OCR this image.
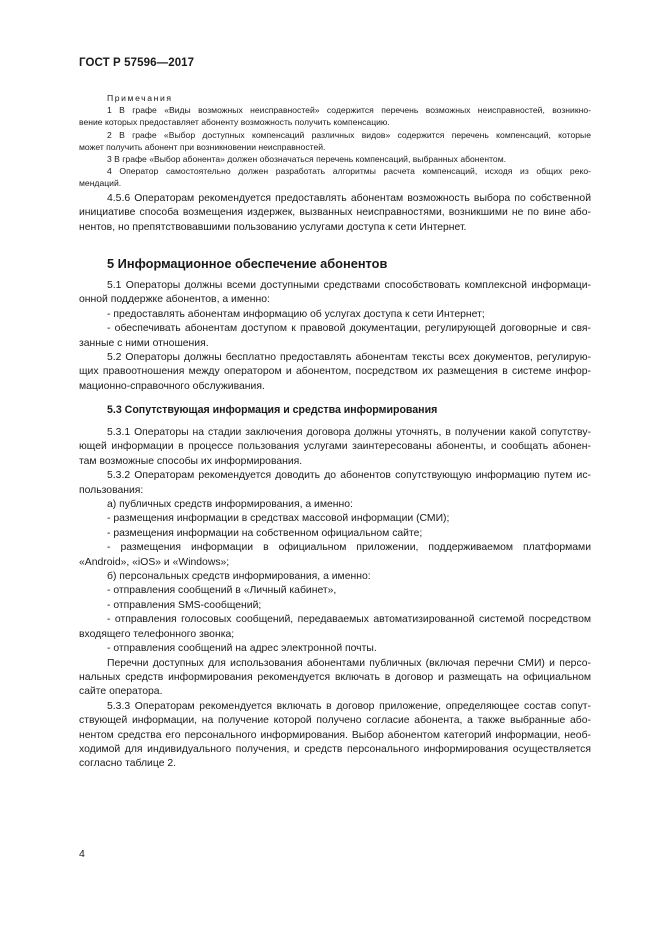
ГОСТ Р 57596—2017
Примечания
1 В графе «Виды возможных неисправностей» содержится перечень возможных неисправностей, возникно-
вение которых предоставляет абоненту возможность получить компенсацию.
2 В графе «Выбор доступных компенсаций различных видов» содержится перечень компенсаций, которые
может получить абонент при возникновении неисправностей.
3 В графе «Выбор абонента» должен обозначаться перечень компенсаций, выбранных абонентом.
4 Оператор самостоятельно должен разработать алгоритмы расчета компенсаций, исходя из общих реко-
мендаций.
4.5.6 Операторам рекомендуется предоставлять абонентам возможность выбора по собственной
инициативе способа возмещения издержек, вызванных неисправностями, возникшими не по вине або-
нентов, но препятствовавшими пользованию услугами доступа к сети Интернет.
5 Информационное обеспечение абонентов
5.1 Операторы должны всеми доступными средствами способствовать комплексной информаци-
онной поддержке абонентов, а именно:
- предоставлять абонентам информацию об услугах доступа к сети Интернет;
- обеспечивать абонентам доступом к правовой документации, регулирующей договорные и свя-
занные с ними отношения.
5.2 Операторы должны бесплатно предоставлять абонентам тексты всех документов, регулирую-
щих правоотношения между оператором и абонентом, посредством их размещения в системе инфор-
мационно-справочного обслуживания.
5.3 Сопутствующая информация и средства информирования
5.3.1 Операторы на стадии заключения договора должны уточнять, в получении какой сопутству-
ющей информации в процессе пользования услугами заинтересованы абоненты, и сообщать абонен-
там возможные способы их информирования.
5.3.2 Операторам рекомендуется доводить до абонентов сопутствующую информацию путем ис-
пользования:
а) публичных средств информирования, а именно:
- размещения информации в средствах массовой информации (СМИ);
- размещения информации на собственном официальном сайте;
- размещения информации в официальном приложении, поддерживаемом платформами
«Android», «iOS» и «Windows»;
б) персональных средств информирования, а именно:
- отправления сообщений в «Личный кабинет»,
- отправления SMS-сообщений;
- отправления голосовых сообщений, передаваемых автоматизированной системой посредством
входящего телефонного звонка;
- отправления сообщений на адрес электронной почты.
Перечни доступных для использования абонентами публичных (включая перечни СМИ) и персо-
нальных средств информирования рекомендуется включать в договор и размещать на официальном
сайте оператора.
5.3.3 Операторам рекомендуется включать в договор приложение, определяющее состав сопут-
ствующей информации, на получение которой получено согласие абонента, а также выбранные або-
нентом средства его персонального информирования. Выбор абонентом категорий информации, необ-
ходимой для индивидуального получения, и средств персонального информирования осуществляется
согласно таблице 2.
4
